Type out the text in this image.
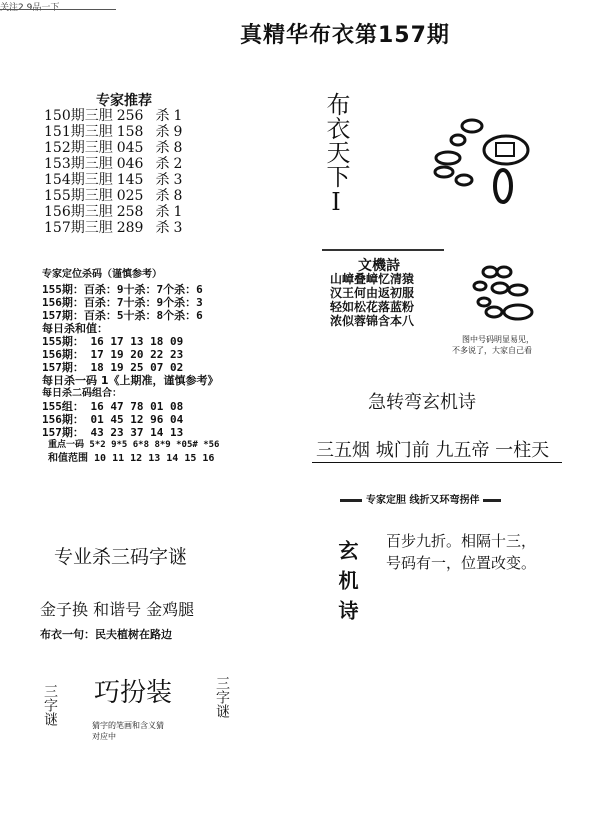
关注2 9品一下
真精华布衣第157期
专家推荐
150期三胆	256	杀	1
151期三胆	158	杀	9
152期三胆	045	杀	8
153期三胆	046	杀	2
154期三胆	145	杀	3
155期三胆	025	杀	8
156期三胆	258	杀	1
157期三胆	289	杀	3
专家定位杀码（谨慎参考）
155期：百杀：9十杀：7个杀：6
156期：百杀：7十杀：9个杀：3
157期：百杀：5十杀：8个杀：6
每日杀和值：
155期： 16 17 13 18 09
156期： 17 19 20 22 23
157期： 18 19 25 07 02
每日杀一码 1《上期准，谨慎参考》
每日杀二码组合：
155组： 16 47 78 01 08
156期： 01 45 12 96 04
157期： 43 23 37 14 13
重点一码 5*2 9*5 6*8 8*9 *05# *56
和值范围 10 11 12 13 14 15 16
布衣天下Ⅰ
文機詩
山嶂叠嶂忆清猿
汉王何由返初服
轻如松花落蓝粉
浓似蓉锦含本八
图中号码明显易见，
不多说了，大家自己看
急转弯玄机诗
三五烟 城门前 九五帝 一柱天
专家定胆 线折又环弯拐伴
玄机诗 百步九折。相隔十三，
号码有一，位置改变。
专业杀三码字谜
金子换 和谐号 金鸡腿
布衣一句：民夫植树在路边
三字谜	三字谜
巧扮装
猜字的笔画和含义猜
对应中
